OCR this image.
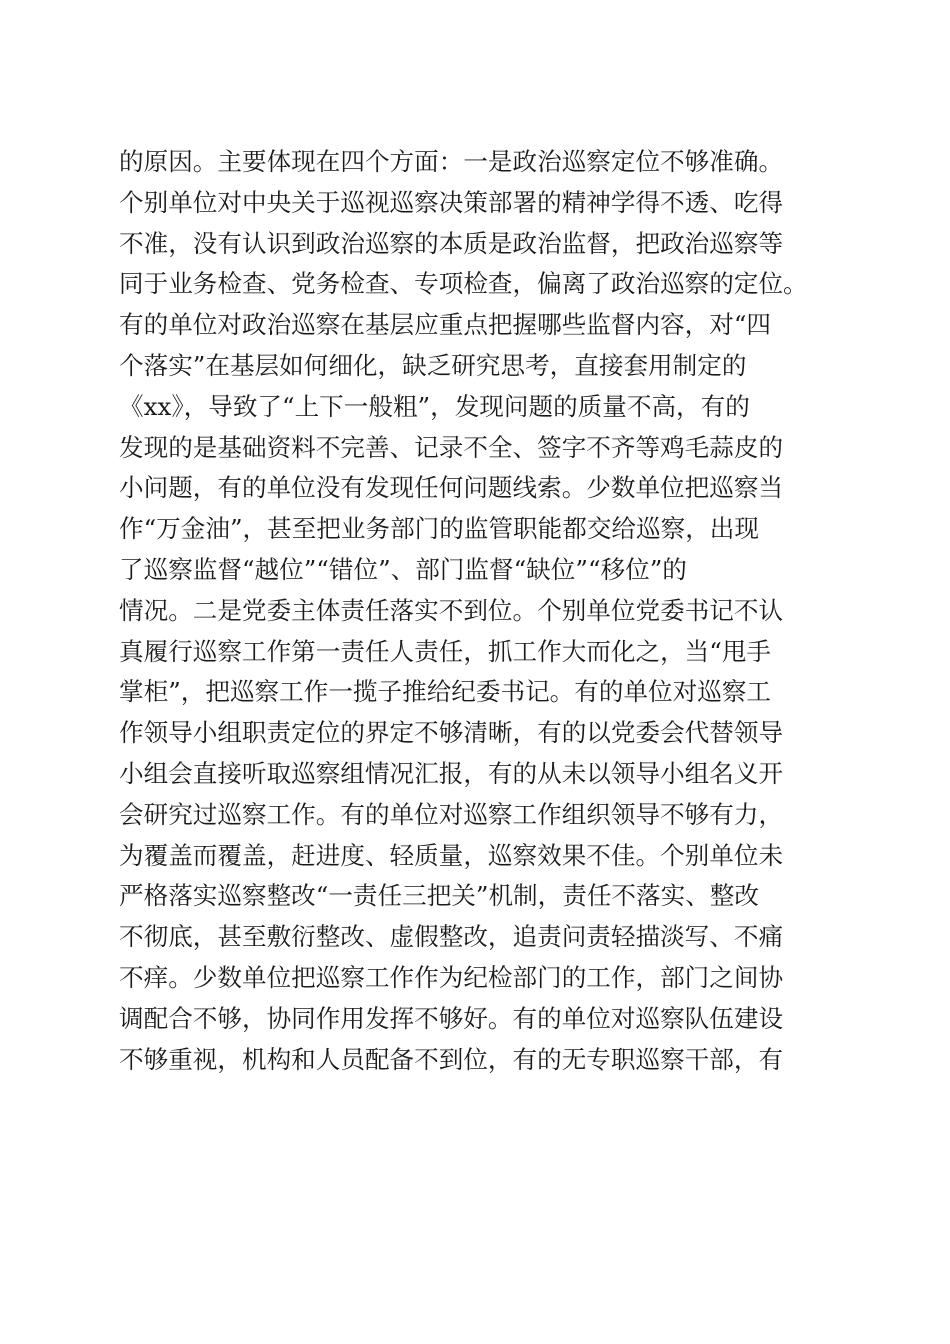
的原因。主要体现在四个方面：一是政治巡察定位不够准确。
个别单位对中央关于巡视巡察决策部署的精神学得不透、吃得
不准，没有认识到政治巡察的本质是政治监督，把政治巡察等
同于业务检查、党务检查、专项检查，偏离了政治巡察的定位。
有的单位对政治巡察在基层应重点把握哪些监督内容，对“四
个落实”在基层如何细化，缺乏研究思考，直接套用制定的
《xx》，导致了“上下一般粗”，发现问题的质量不高，有的
发现的是基础资料不完善、记录不全、签字不齐等鸡毛蒜皮的
小问题，有的单位没有发现任何问题线索。少数单位把巡察当
作“万金油”，甚至把业务部门的监管职能都交给巡察，出现
了巡察监督“越位”“错位”、部门监督“缺位”“移位”的
情况。二是党委主体责任落实不到位。个别单位党委书记不认
真履行巡察工作第一责任人责任，抓工作大而化之，当“甩手
掌柜”，把巡察工作一揽子推给纪委书记。有的单位对巡察工
作领导小组职责定位的界定不够清晰，有的以党委会代替领导
小组会直接听取巡察组情况汇报，有的从未以领导小组名义开
会研究过巡察工作。有的单位对巡察工作组织领导不够有力，
为覆盖而覆盖，赶进度、轻质量，巡察效果不佳。个别单位未
严格落实巡察整改“一责任三把关”机制，责任不落实、整改
不彻底，甚至敷衍整改、虚假整改，追责问责轻描淡写、不痛
不痒。少数单位把巡察工作作为纪检部门的工作，部门之间协
调配合不够，协同作用发挥不够好。有的单位对巡察队伍建设
不够重视，机构和人员配备不到位，有的无专职巡察干部，有
